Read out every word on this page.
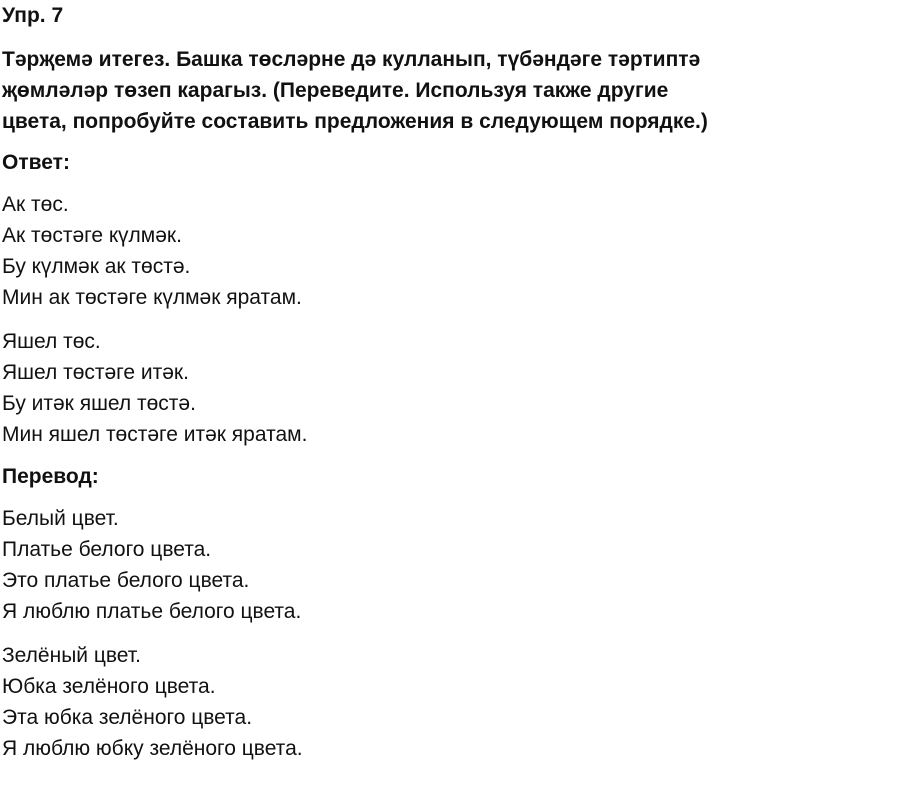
Упр. 7
Тәрҗемә итегез. Башка төсләрне дә кулланып, түбәндәге тәртиптә
җөмләләр төзеп карагыз. (Переведите. Используя также другие
цвета, попробуйте составить предложения в следующем порядке.)
Ответ:
Ак төс.
Ак төстәге күлмәк.
Бу күлмәк ак төстә.
Мин ак төстәге күлмәк яратам.
Яшел төс.
Яшел төстәге итәк.
Бу итәк яшел төстә.
Мин яшел төстәге итәк яратам.
Перевод:
Белый цвет.
Платье белого цвета.
Это платье белого цвета.
Я люблю платье белого цвета.
Зелёный цвет.
Юбка зелёного цвета.
Эта юбка зелёного цвета.
Я люблю юбку зелёного цвета.
